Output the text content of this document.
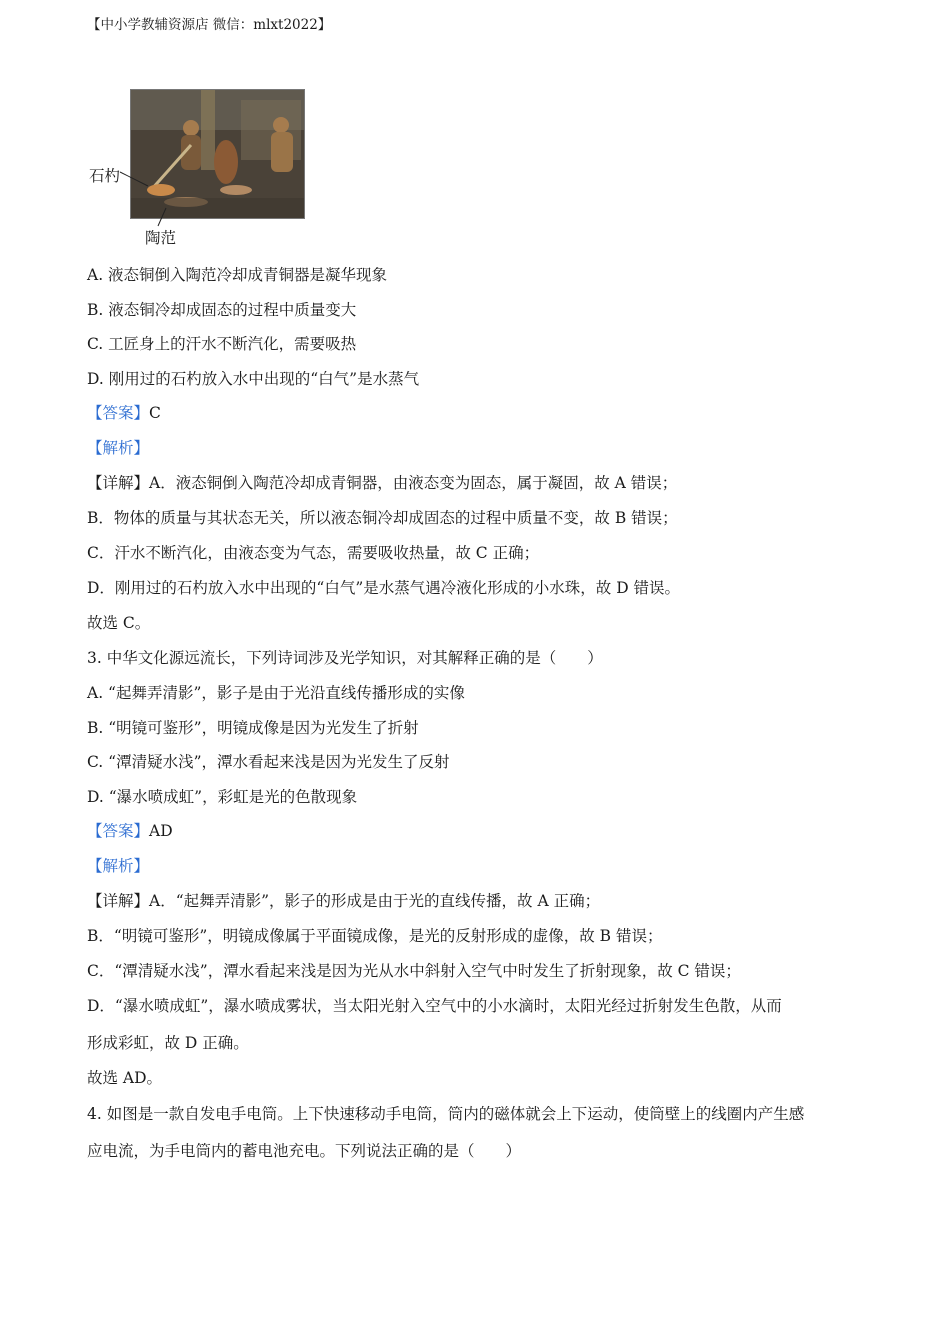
【中小学教辅资源店 微信：mlxt2022】
石杓
陶范
A. 液态铜倒入陶范冷却成青铜器是凝华现象
B. 液态铜冷却成固态的过程中质量变大
C. 工匠身上的汗水不断汽化，需要吸热
D. 刚用过的石杓放入水中出现的“白气”是水蒸气
【答案】C
【解析】
【详解】A．液态铜倒入陶范冷却成青铜器，由液态变为固态，属于凝固，故 A 错误；
B．物体的质量与其状态无关，所以液态铜冷却成固态的过程中质量不变，故 B 错误；
C．汗水不断汽化，由液态变为气态，需要吸收热量，故 C 正确；
D．刚用过的石杓放入水中出现的“白气”是水蒸气遇冷液化形成的小水珠，故 D 错误。
故选 C。
3. 中华文化源远流长，下列诗词涉及光学知识，对其解释正确的是（　　）
A. “起舞弄清影”，影子是由于光沿直线传播形成的实像
B. “明镜可鉴形”，明镜成像是因为光发生了折射
C. “潭清疑水浅”，潭水看起来浅是因为光发生了反射
D. “瀑水喷成虹”，彩虹是光的色散现象
【答案】AD
【解析】
【详解】A．“起舞弄清影”，影子的形成是由于光的直线传播，故 A 正确；
B．“明镜可鉴形”，明镜成像属于平面镜成像，是光的反射形成的虚像，故 B 错误；
C．“潭清疑水浅”，潭水看起来浅是因为光从水中斜射入空气中时发生了折射现象，故 C 错误；
D．“瀑水喷成虹”，瀑水喷成雾状，当太阳光射入空气中的小水滴时，太阳光经过折射发生色散，从而
形成彩虹，故 D 正确。
故选 AD。
4. 如图是一款自发电手电筒。上下快速移动手电筒，筒内的磁体就会上下运动，使筒壁上的线圈内产生感
应电流，为手电筒内的蓄电池充电。下列说法正确的是（　　）
